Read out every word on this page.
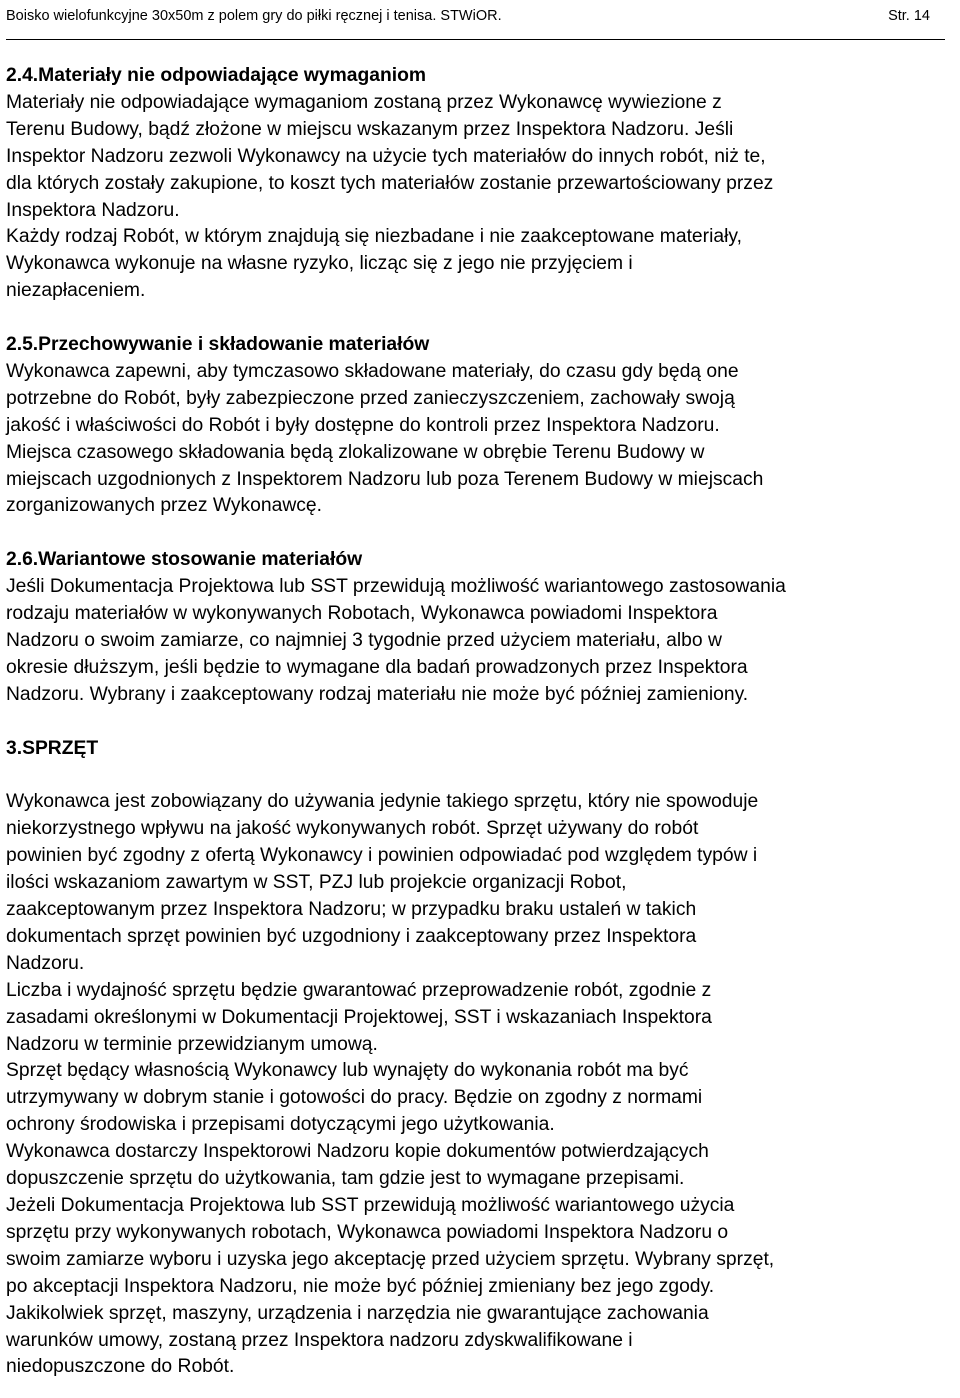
Boisko wielofunkcyjne 30x50m z polem gry do piłki ręcznej i tenisa. STWiOR.	Str. 14
2.4.Materiały nie odpowiadające wymaganiom

Materiały nie odpowiadające wymaganiom zostaną przez Wykonawcę wywiezione z
Terenu Budowy, bądź złożone w miejscu wskazanym przez Inspektora Nadzoru. Jeśli
Inspektor Nadzoru zezwoli Wykonawcy na użycie tych materiałów do innych robót, niż te,
dla których zostały zakupione, to koszt tych materiałów zostanie przewartościowany przez
Inspektora Nadzoru.

Każdy rodzaj Robót, w którym znajdują się niezbadane i nie zaakceptowane materiały,
Wykonawca wykonuje na własne ryzyko, licząc się z jego nie przyjęciem i
niezapłaceniem.

2.5.Przechowywanie i składowanie materiałów

Wykonawca zapewni, aby tymczasowo składowane materiały, do czasu gdy będą one
potrzebne do Robót, były zabezpieczone przed zanieczyszczeniem, zachowały swoją
jakość i właściwości do Robót i były dostępne do kontroli przez Inspektora Nadzoru.

Miejsca czasowego składowania będą zlokalizowane w obrębie Terenu Budowy w
miejscach uzgodnionych z Inspektorem Nadzoru lub poza Terenem Budowy w miejscach
zorganizowanych przez Wykonawcę.

2.6.Wariantowe stosowanie materiałów

Jeśli Dokumentacja Projektowa lub SST przewidują możliwość wariantowego zastosowania
rodzaju materiałów w wykonywanych Robotach, Wykonawca powiadomi Inspektora
Nadzoru o swoim zamiarze, co najmniej 3 tygodnie przed użyciem materiału, albo w
okresie dłuższym, jeśli będzie to wymagane dla badań prowadzonych przez Inspektora
Nadzoru. Wybrany i zaakceptowany rodzaj materiału nie może być później zamieniony.

3.SPRZĘT

Wykonawca jest zobowiązany do używania jedynie takiego sprzętu, który nie spowoduje
niekorzystnego wpływu na jakość wykonywanych robót. Sprzęt używany do robót
powinien być zgodny z ofertą Wykonawcy i powinien odpowiadać pod względem typów i
ilości wskazaniom zawartym w SST, PZJ lub projekcie organizacji Robot,
zaakceptowanym przez Inspektora Nadzoru; w przypadku braku ustaleń w takich
dokumentach sprzęt powinien być uzgodniony i zaakceptowany przez Inspektora
Nadzoru.

Liczba i wydajność sprzętu będzie gwarantować przeprowadzenie robót, zgodnie z
zasadami określonymi w Dokumentacji Projektowej, SST i wskazaniach Inspektora
Nadzoru w terminie przewidzianym umową.

Sprzęt będący własnością Wykonawcy lub wynajęty do wykonania robót ma być
utrzymywany w dobrym stanie i gotowości do pracy. Będzie on zgodny z normami
ochrony środowiska i przepisami dotyczącymi jego użytkowania.

Wykonawca dostarczy Inspektorowi Nadzoru kopie dokumentów potwierdzających
dopuszczenie sprzętu do użytkowania, tam gdzie jest to wymagane przepisami.

Jeżeli Dokumentacja Projektowa lub SST przewidują możliwość wariantowego użycia
sprzętu przy wykonywanych robotach, Wykonawca powiadomi Inspektora Nadzoru o
swoim zamiarze wyboru i uzyska jego akceptację przed użyciem sprzętu. Wybrany sprzęt,
po akceptacji Inspektora Nadzoru, nie może być później zmieniany bez jego zgody.

Jakikolwiek sprzęt, maszyny, urządzenia i narzędzia nie gwarantujące zachowania
warunków umowy, zostaną przez Inspektora nadzoru zdyskwalifikowane i
niedopuszczone do Robót.
